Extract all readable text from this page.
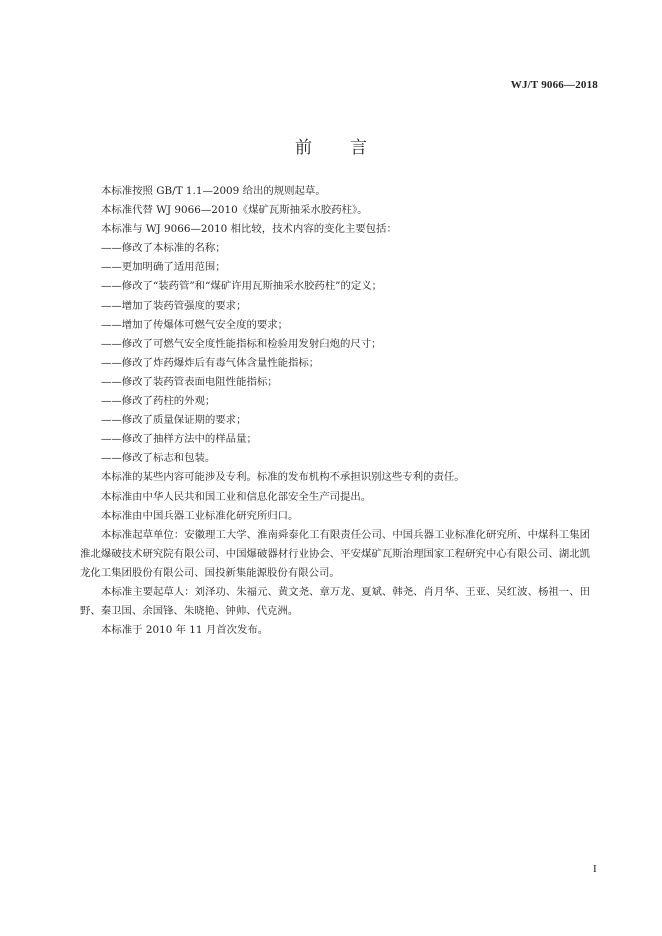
WJ/T 9066—2018
前言

本标准按照 GB/T 1.1—2009 给出的规则起草。

本标准代替 WJ 9066—2010《煤矿瓦斯抽采水胶药柱》。

本标准与 WJ 9066—2010 相比较，技术内容的变化主要包括：

——修改了本标准的名称；

——更加明确了适用范围；

——修改了“装药管”和“煤矿许用瓦斯抽采水胶药柱”的定义；

——增加了装药管强度的要求；

——增加了传爆体可燃气安全度的要求；

——修改了可燃气安全度性能指标和检验用发射臼炮的尺寸；

——修改了炸药爆炸后有毒气体含量性能指标；

——修改了装药管表面电阻性能指标；

——修改了药柱的外观；

——修改了质量保证期的要求；

——修改了抽样方法中的样品量；

——修改了标志和包装。

本标准的某些内容可能涉及专利。标准的发布机构不承担识别这些专利的责任。

本标准由中华人民共和国工业和信息化部安全生产司提出。

本标准由中国兵器工业标准化研究所归口。

本标准起草单位：安徽理工大学、淮南舜泰化工有限责任公司、中国兵器工业标准化研究所、中煤科工集团淮北爆破技术研究院有限公司、中国爆破器材行业协会、平安煤矿瓦斯治理国家工程研究中心有限公司、湖北凯龙化工集团股份有限公司、国投新集能源股份有限公司。

本标准主要起草人：刘泽功、朱福元、黄文尧、章万龙、夏斌、韩尧、肖月华、王亚、吴红波、杨祖一、田野、秦卫国、余国锋、朱晓艳、钟帅、代克洲。

本标准于 2010 年 11 月首次发布。

I
